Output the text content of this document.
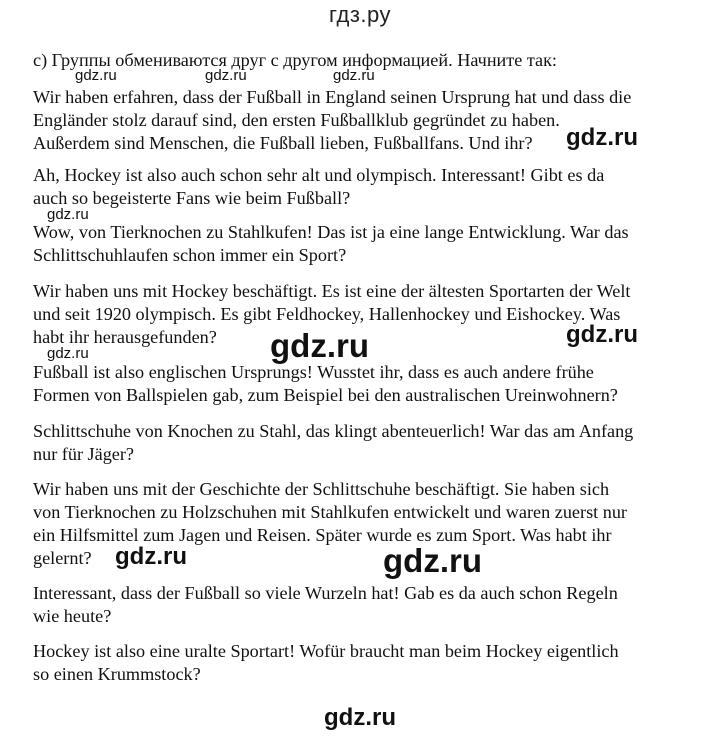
гдз.ру
c) Группы обмениваются друг с другом информацией. Начните так:
Wir haben erfahren, dass der Fußball in England seinen Ursprung hat und dass die
Engländer stolz darauf sind, den ersten Fußballklub gegründet zu haben.
Außerdem sind Menschen, die Fußball lieben, Fußballfans. Und ihr?
Ah, Hockey ist also auch schon sehr alt und olympisch. Interessant! Gibt es da
auch so begeisterte Fans wie beim Fußball?
Wow, von Tierknochen zu Stahlkufen! Das ist ja eine lange Entwicklung. War das
Schlittschuhlaufen schon immer ein Sport?
Wir haben uns mit Hockey beschäftigt. Es ist eine der ältesten Sportarten der Welt
und seit 1920 olympisch. Es gibt Feldhockey, Hallenhockey und Eishockey. Was
habt ihr herausgefunden?
Fußball ist also englischen Ursprungs! Wusstet ihr, dass es auch andere frühe
Formen von Ballspielen gab, zum Beispiel bei den australischen Ureinwohnern?
Schlittschuhe von Knochen zu Stahl, das klingt abenteuerlich! War das am Anfang
nur für Jäger?
Wir haben uns mit der Geschichte der Schlittschuhe beschäftigt. Sie haben sich
von Tierknochen zu Holzschuhen mit Stahlkufen entwickelt und waren zuerst nur
ein Hilfsmittel zum Jagen und Reisen. Später wurde es zum Sport. Was habt ihr
gelernt?
Interessant, dass der Fußball so viele Wurzeln hat! Gab es da auch schon Regeln
wie heute?
Hockey ist also eine uralte Sportart! Wofür braucht man beim Hockey eigentlich
so einen Krummstock?
gdz.ru	gdz.ru	gdz.ru
gdz.ru
gdz.ru
gdz.ru
gdz.ru
gdz.ru
gdz.ru	gdz.ru
gdz.ru
